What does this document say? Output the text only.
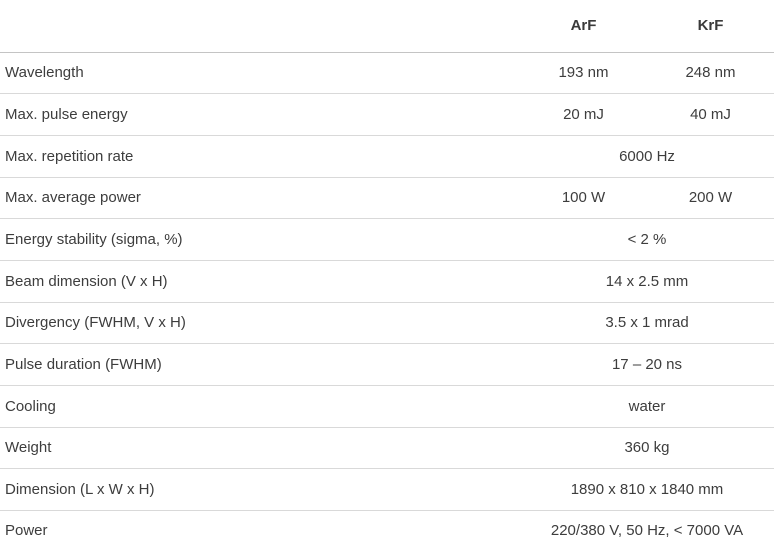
	ArF	KrF
Wavelength	193 nm	248 nm
Max. pulse energy	20 mJ	40 mJ
Max. repetition rate	6000 Hz	
Max. average power	100 W	200 W
Energy stability (sigma, %)	< 2 %	
Beam dimension (V x H)	14 x 2.5 mm	
Divergency (FWHM, V x H)	3.5 x 1 mrad	
Pulse duration (FWHM)	17 – 20 ns	
Cooling	water	
Weight	360 kg	
Dimension (L x W x H)	1890 x 810 x 1840 mm	
Power	220/380 V, 50 Hz, < 7000 VA	
